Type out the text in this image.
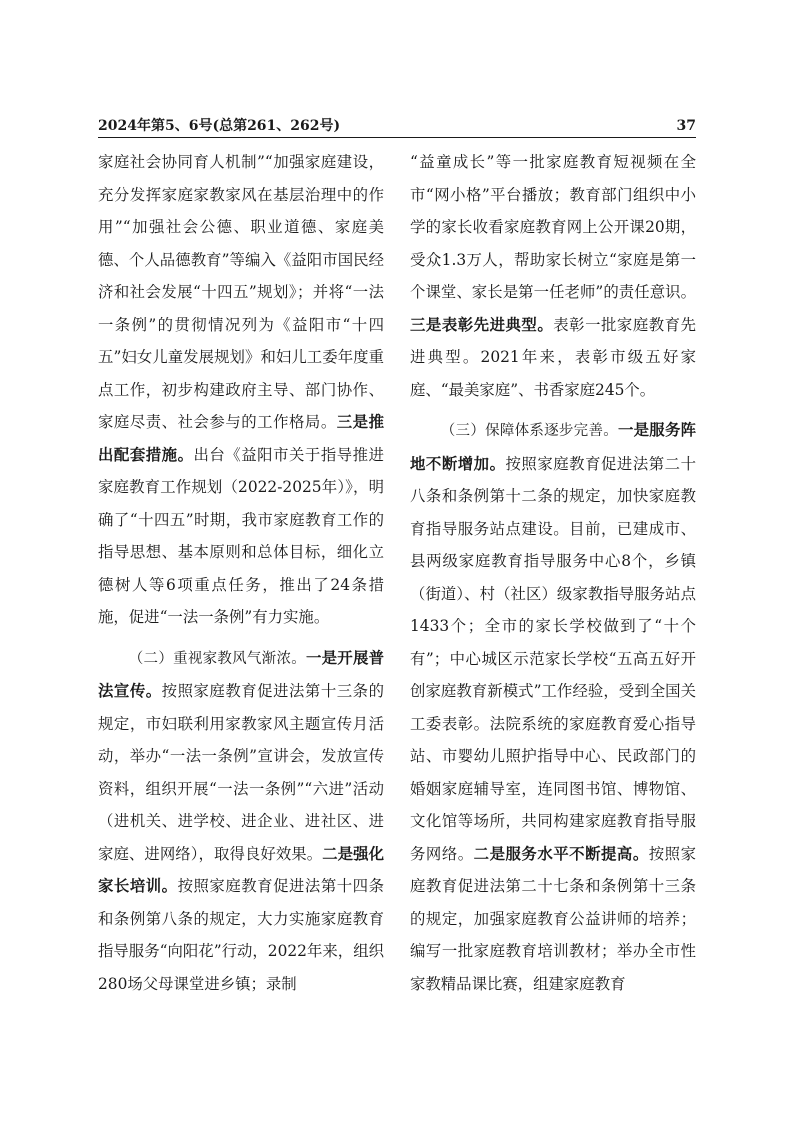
2024年第5、6号(总第261、262号)	37

家庭社会协同育人机制”“加强家庭建设，充分发挥家庭家教家风在基层治理中的作用”“加强社会公德、职业道德、家庭美德、个人品德教育”等编入《益阳市国民经济和社会发展“十四五”规划》；并将“一法一条例”的贯彻情况列为《益阳市“十四五”妇女儿童发展规划》和妇儿工委年度重点工作，初步构建政府主导、部门协作、家庭尽责、社会参与的工作格局。三是推出配套措施。出台《益阳市关于指导推进家庭教育工作规划（2022-2025年）》，明确了“十四五”时期，我市家庭教育工作的指导思想、基本原则和总体目标，细化立德树人等6项重点任务，推出了24条措施，促进“一法一条例”有力实施。

（二）重视家教风气渐浓。一是开展普法宣传。按照家庭教育促进法第十三条的规定，市妇联利用家教家风主题宣传月活动，举办“一法一条例”宣讲会，发放宣传资料，组织开展“一法一条例”“六进”活动（进机关、进学校、进企业、进社区、进家庭、进网络），取得良好效果。二是强化家长培训。按照家庭教育促进法第十四条和条例第八条的规定，大力实施家庭教育指导服务“向阳花”行动，2022年来，组织280场父母课堂进乡镇；录制

“益童成长”等一批家庭教育短视频在全市“网小格”平台播放；教育部门组织中小学的家长收看家庭教育网上公开课20期，受众1.3万人，帮助家长树立“家庭是第一个课堂、家长是第一任老师”的责任意识。三是表彰先进典型。表彰一批家庭教育先进典型。2021年来，表彰市级五好家庭、“最美家庭”、书香家庭245个。

（三）保障体系逐步完善。一是服务阵地不断增加。按照家庭教育促进法第二十八条和条例第十二条的规定，加快家庭教育指导服务站点建设。目前，已建成市、县两级家庭教育指导服务中心8个，乡镇（街道）、村（社区）级家教指导服务站点1433个；全市的家长学校做到了“十个有”；中心城区示范家长学校“五高五好开创家庭教育新模式”工作经验，受到全国关工委表彰。法院系统的家庭教育爱心指导站、市婴幼儿照护指导中心、民政部门的婚姻家庭辅导室，连同图书馆、博物馆、文化馆等场所，共同构建家庭教育指导服务网络。二是服务水平不断提高。按照家庭教育促进法第二十七条和条例第十三条的规定，加强家庭教育公益讲师的培养；编写一批家庭教育培训教材；举办全市性家教精品课比赛，组建家庭教育
